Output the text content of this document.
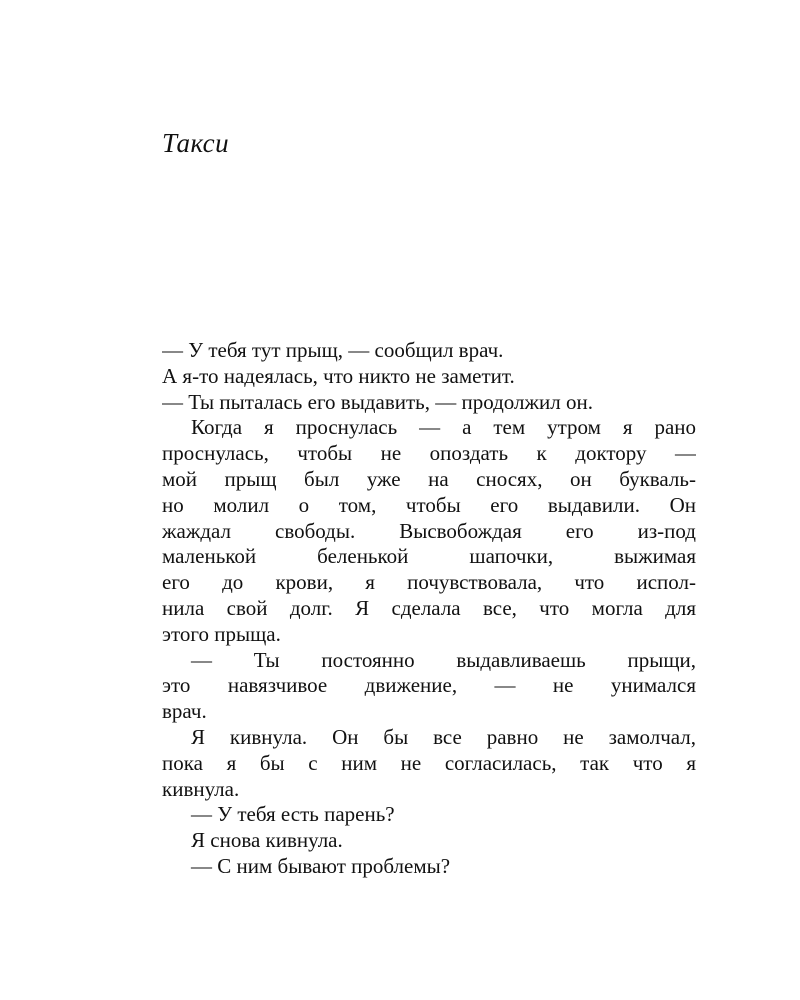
Такси
— У тебя тут прыщ, — сообщил врач.
А я-то надеялась, что никто не заметит.
— Ты пыталась его выдавить, — продолжил он.
Когда я проснулась — а тем утром я рано
проснулась, чтобы не опоздать к доктору —
мой прыщ был уже на сносях, он букваль-
но молил о том, чтобы его выдавили. Он
жаждал свободы. Высвобождая его из-под
маленькой беленькой шапочки, выжимая
его до крови, я почувствовала, что испол-
нила свой долг. Я сделала все, что могла для
этого прыща.
— Ты постоянно выдавливаешь прыщи,
это навязчивое движение, — не унимался
врач.
Я кивнула. Он бы все равно не замолчал,
пока я бы с ним не согласилась, так что я
кивнула.
— У тебя есть парень?
Я снова кивнула.
— С ним бывают проблемы?
